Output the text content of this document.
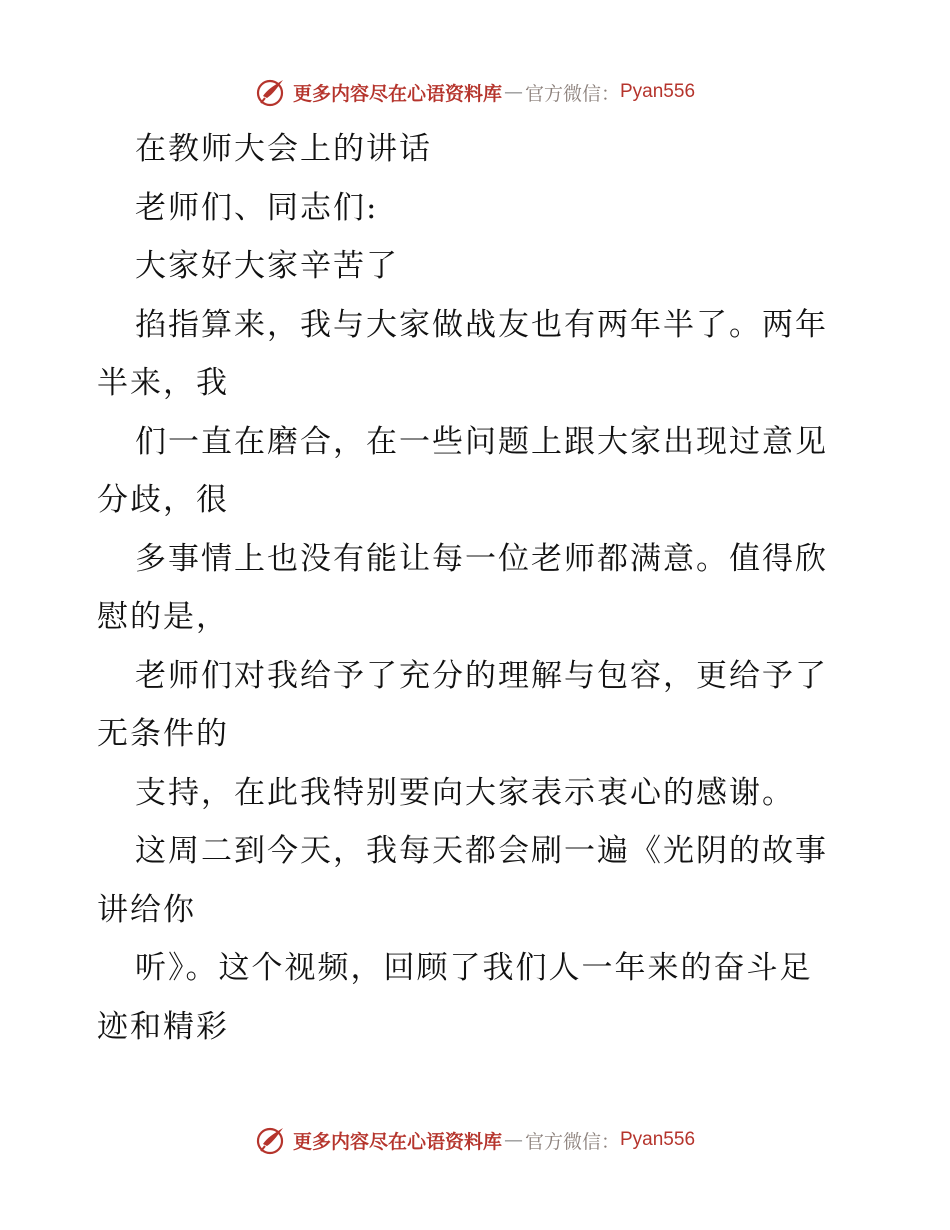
更多内容尽在心语资料库 — 官方微信： Pyan556
在教师大会上的讲话
老师们、同志们:
大家好大家辛苦了
掐指算来，我与大家做战友也有两年半了。两年
半来，我
们一直在磨合，在一些问题上跟大家出现过意见
分歧，很
多事情上也没有能让每一位老师都满意。值得欣
慰的是，
老师们对我给予了充分的理解与包容，更给予了
无条件的
支持，在此我特别要向大家表示衷心的感谢。
这周二到今天，我每天都会刷一遍《光阴的故事
讲给你
听》。这个视频，回顾了我们人一年来的奋斗足
迹和精彩
更多内容尽在心语资料库 — 官方微信： Pyan556
